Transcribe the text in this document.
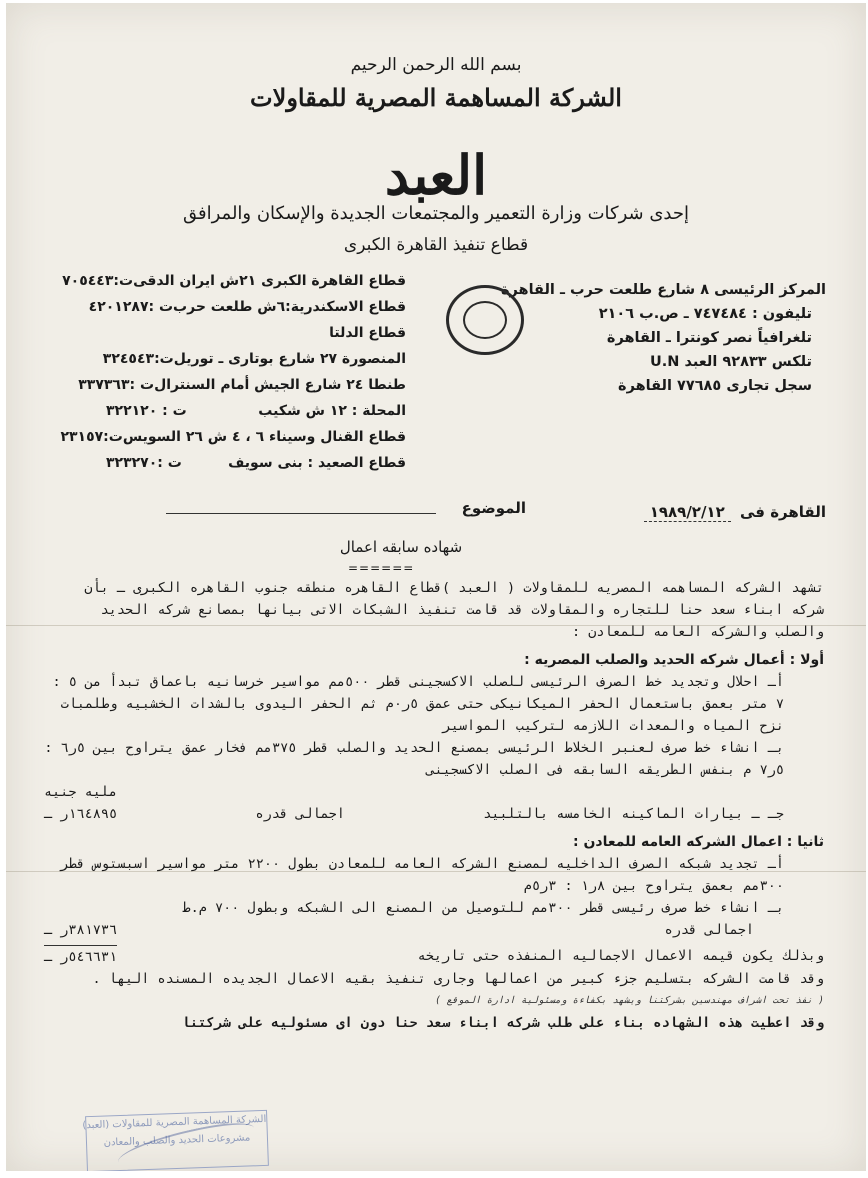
بسم الله الرحمن الرحيم
الشركة المساهمة المصرية للمقاولات
العبد
إحدى شركات وزارة التعمير والمجتمعات الجديدة والإسكان والمرافق
قطاع تنفيذ القاهرة الكبرى
المركز الرئيسى ٨ شارع طلعت حرب ـ القاهرة
تليفون : ٧٤٧٤٨٤ ـ ص.ب ٢١٠٦
تلغرافياً نصر كونترا ـ القاهرة
تلكس ٩٢٨٣٣ العبد U.N
سجل تجارى ٧٧٦٨٥ القاهرة
قطاع القاهرة الكبرى ٢١ش ايران الدقى
ت:٧٠٥٤٤٣
قطاع الاسكندرية:٦ش طلعت حرب
ت :٤٢٠١٢٨٧
قطاع الدلتا
المنصورة ٢٧ شارع بوتارى ـ توريل
ت:٣٢٤٥٤٣
طنطا ٢٤ شارع الجيش أمام السنترال
ت :٣٣٧٣٦٣
المحلة : ١٢ ش شكيب
ت : ٣٢٢١٢٠
قطاع القنال وسيناء ٦ ، ٤ ش ٢٦ السويس
ت:٢٣١٥٧
قطاع الصعيد : بنى سويف
ت :٣٢٣٢٧٠
القاهرة فى ١٩٨٩/٢/١٢
الموضوع
شهاده سابقه اعمال
======

تشهد الشركه المساهمه المصريه للمقاولات ( العبد )قطاع القاهره منطقه جنوب القاهره الكبرى ـ بأن شركه ابناء سعد حنا للتجاره والمقاولات قد قامت تنفيذ الشبكات الاتى بيانها بمصانع شركه الحديد والصلب والشركه العامه للمعادن :

أولا : أعمال شركه الحديد والصلب المصريه :

أـ احلال وتجديد خط الصرف الرئيسى للصلب الاكسجينى قطر ٥٠٠مم مواسير خرسانيه باعماق تبدأ من ٥ : ٧ متر بعمق باستعمال الحفر الميكانيكى حتى عمق ٥ر٠م ثم الحفر اليدوى بالشدات الخشبيه وطلمبات نزح المياه والمعدات اللازمه لتركيب المواسير

بـ انشاء خط صرف لعنبر الخلاط الرئيسى بمصنع الحديد والصلب قطر ٣٧٥مم فخار عمق يتراوح بين ٥ر٦ : ٥ر٧ م بنفس الطريقه السابقه فى الصلب الاكسجينى

مليه جنيه

جـ ـ بيارات الماكينه الخامسه بالتلبيد
اجمالى قدره
١٦٤٨٩٥ر ـ

ثانيا : اعمال الشركه العامه للمعادن :

أـ تجديد شبكه الصرف الداخليه لمصنع الشركه العامه للمعادن بطول ٢٢٠٠ متر مواسير اسبستوس قطر ٣٠٠مم بعمق يتراوح بين ٨ر١ : ٣ر٥م

بـ انشاء خط صرف رئيسى قطر ٣٠٠مم للتوصيل من المصنع الى الشبكه وبطول ٧٠٠ م.ط

اجمالى قدره
٣٨١٧٣٦ر ـ
وبذلك يكون قيمه الاعمال الاجماليه المنفذه حتى تاريخه
٥٤٦٦٣١ر ـ

وقد قامت الشركه بتسليم جزء كبير من اعمالها وجارى تنفيذ بقيه الاعمال الجديده المسنده اليها .

( نفذ تحت اشراف مهندسين بشركتنا ويشهد بكفاءة ومسئولية ادارة الموقع )

وقد اعطيت هذه الشهاده بناء على طلب شركه ابناء سعد حنا دون اى مسئوليه على شركتنا

الشركة المساهمة المصرية للمقاولات (العبد)
مشروعات الحديد والصلب والمعادن
